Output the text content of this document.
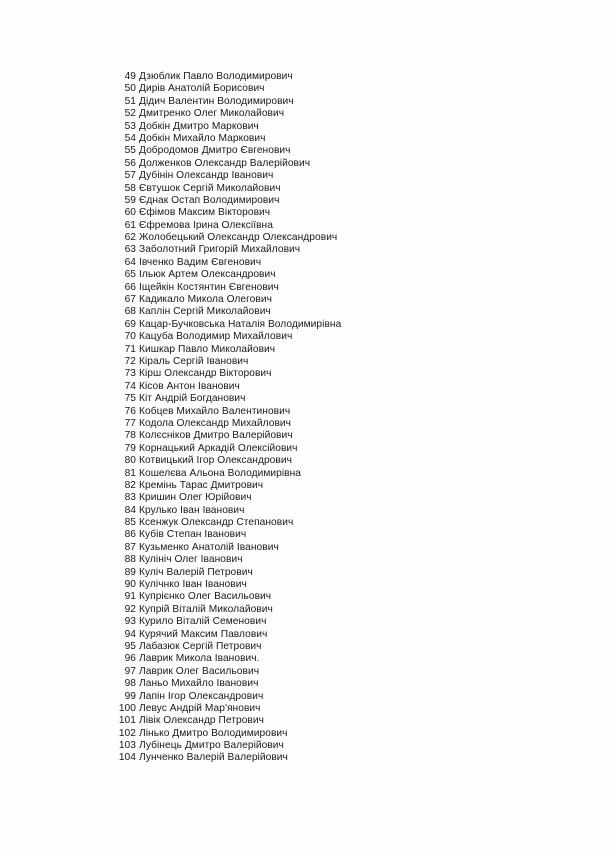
49 Дзюблик Павло Володимирович
50 Дирів Анатолій Борисович
51 Дідич Валентин Володимирович
52 Дмитренко Олег Миколайович
53 Добкін Дмитро Маркович
54 Добкін Михайло Маркович
55 Добродомов Дмитро Євгенович
56 Долженков Олександр Валерійович
57 Дубінін Олександр Іванович
58 Євтушок Сергій Миколайович
59 Єднак Остап Володимирович
60 Єфімов Максим Вікторович
61 Єфремова Ірина Олексіївна
62 Жолобецький Олександр Олександрович
63 Заболотний Григорій Михайлович
64 Івченко Вадим Євгенович
65 Ільюк Артем Олександрович
66 Іщейкін Костянтин Євгенович
67 Кадикало Микола Олегович
68 Каплін Сергій Миколайович
69 Кацар-Бучковська Наталія Володимирівна
70 Кацуба Володимир Михайлович
71 Кишкар Павло Миколайович
72 Кіраль Сергій Іванович
73 Кірш Олександр Вікторович
74 Кісов Антон Іванович
75 Кіт Андрій Богданович
76 Кобцев Михайло Валентинович
77 Кодола Олександр Михайлович
78 Колєсніков Дмитро Валерійович
79 Корнацький Аркадій Олексійович
80 Котвицький Ігор Олександрович
81 Кошелєва Альона Володимирівна
82 Кремінь Тарас Дмитрович
83 Кришин Олег Юрійович
84 Крулько Іван Іванович
85 Ксенжук Олександр Степанович
86 Кубів Степан Іванович
87 Кузьменко Анатолій Іванович
88 Кулініч Олег Іванович
89 Куліч Валерій Петрович
90 Кулічнко Іван Іванович
91 Купрієнко Олег Васильович
92 Купрій Віталій Миколайович
93 Курило Віталій Семенович
94 Курячий Максим Павлович
95 Лабазюк Сергій Петрович
96 Лаврик Микола Іванович.
97 Лаврик Олег Васильович
98 Ланьо Михайло Іванович
99 Лапін Ігор Олександрович
100 Левус Андрій Мар'янович
101 Лівік Олександр Петрович
102 Лінько Дмитро Володимирович
103 Лубінець Дмитро Валерійович
104 Лунченко Валерій Валерійович
